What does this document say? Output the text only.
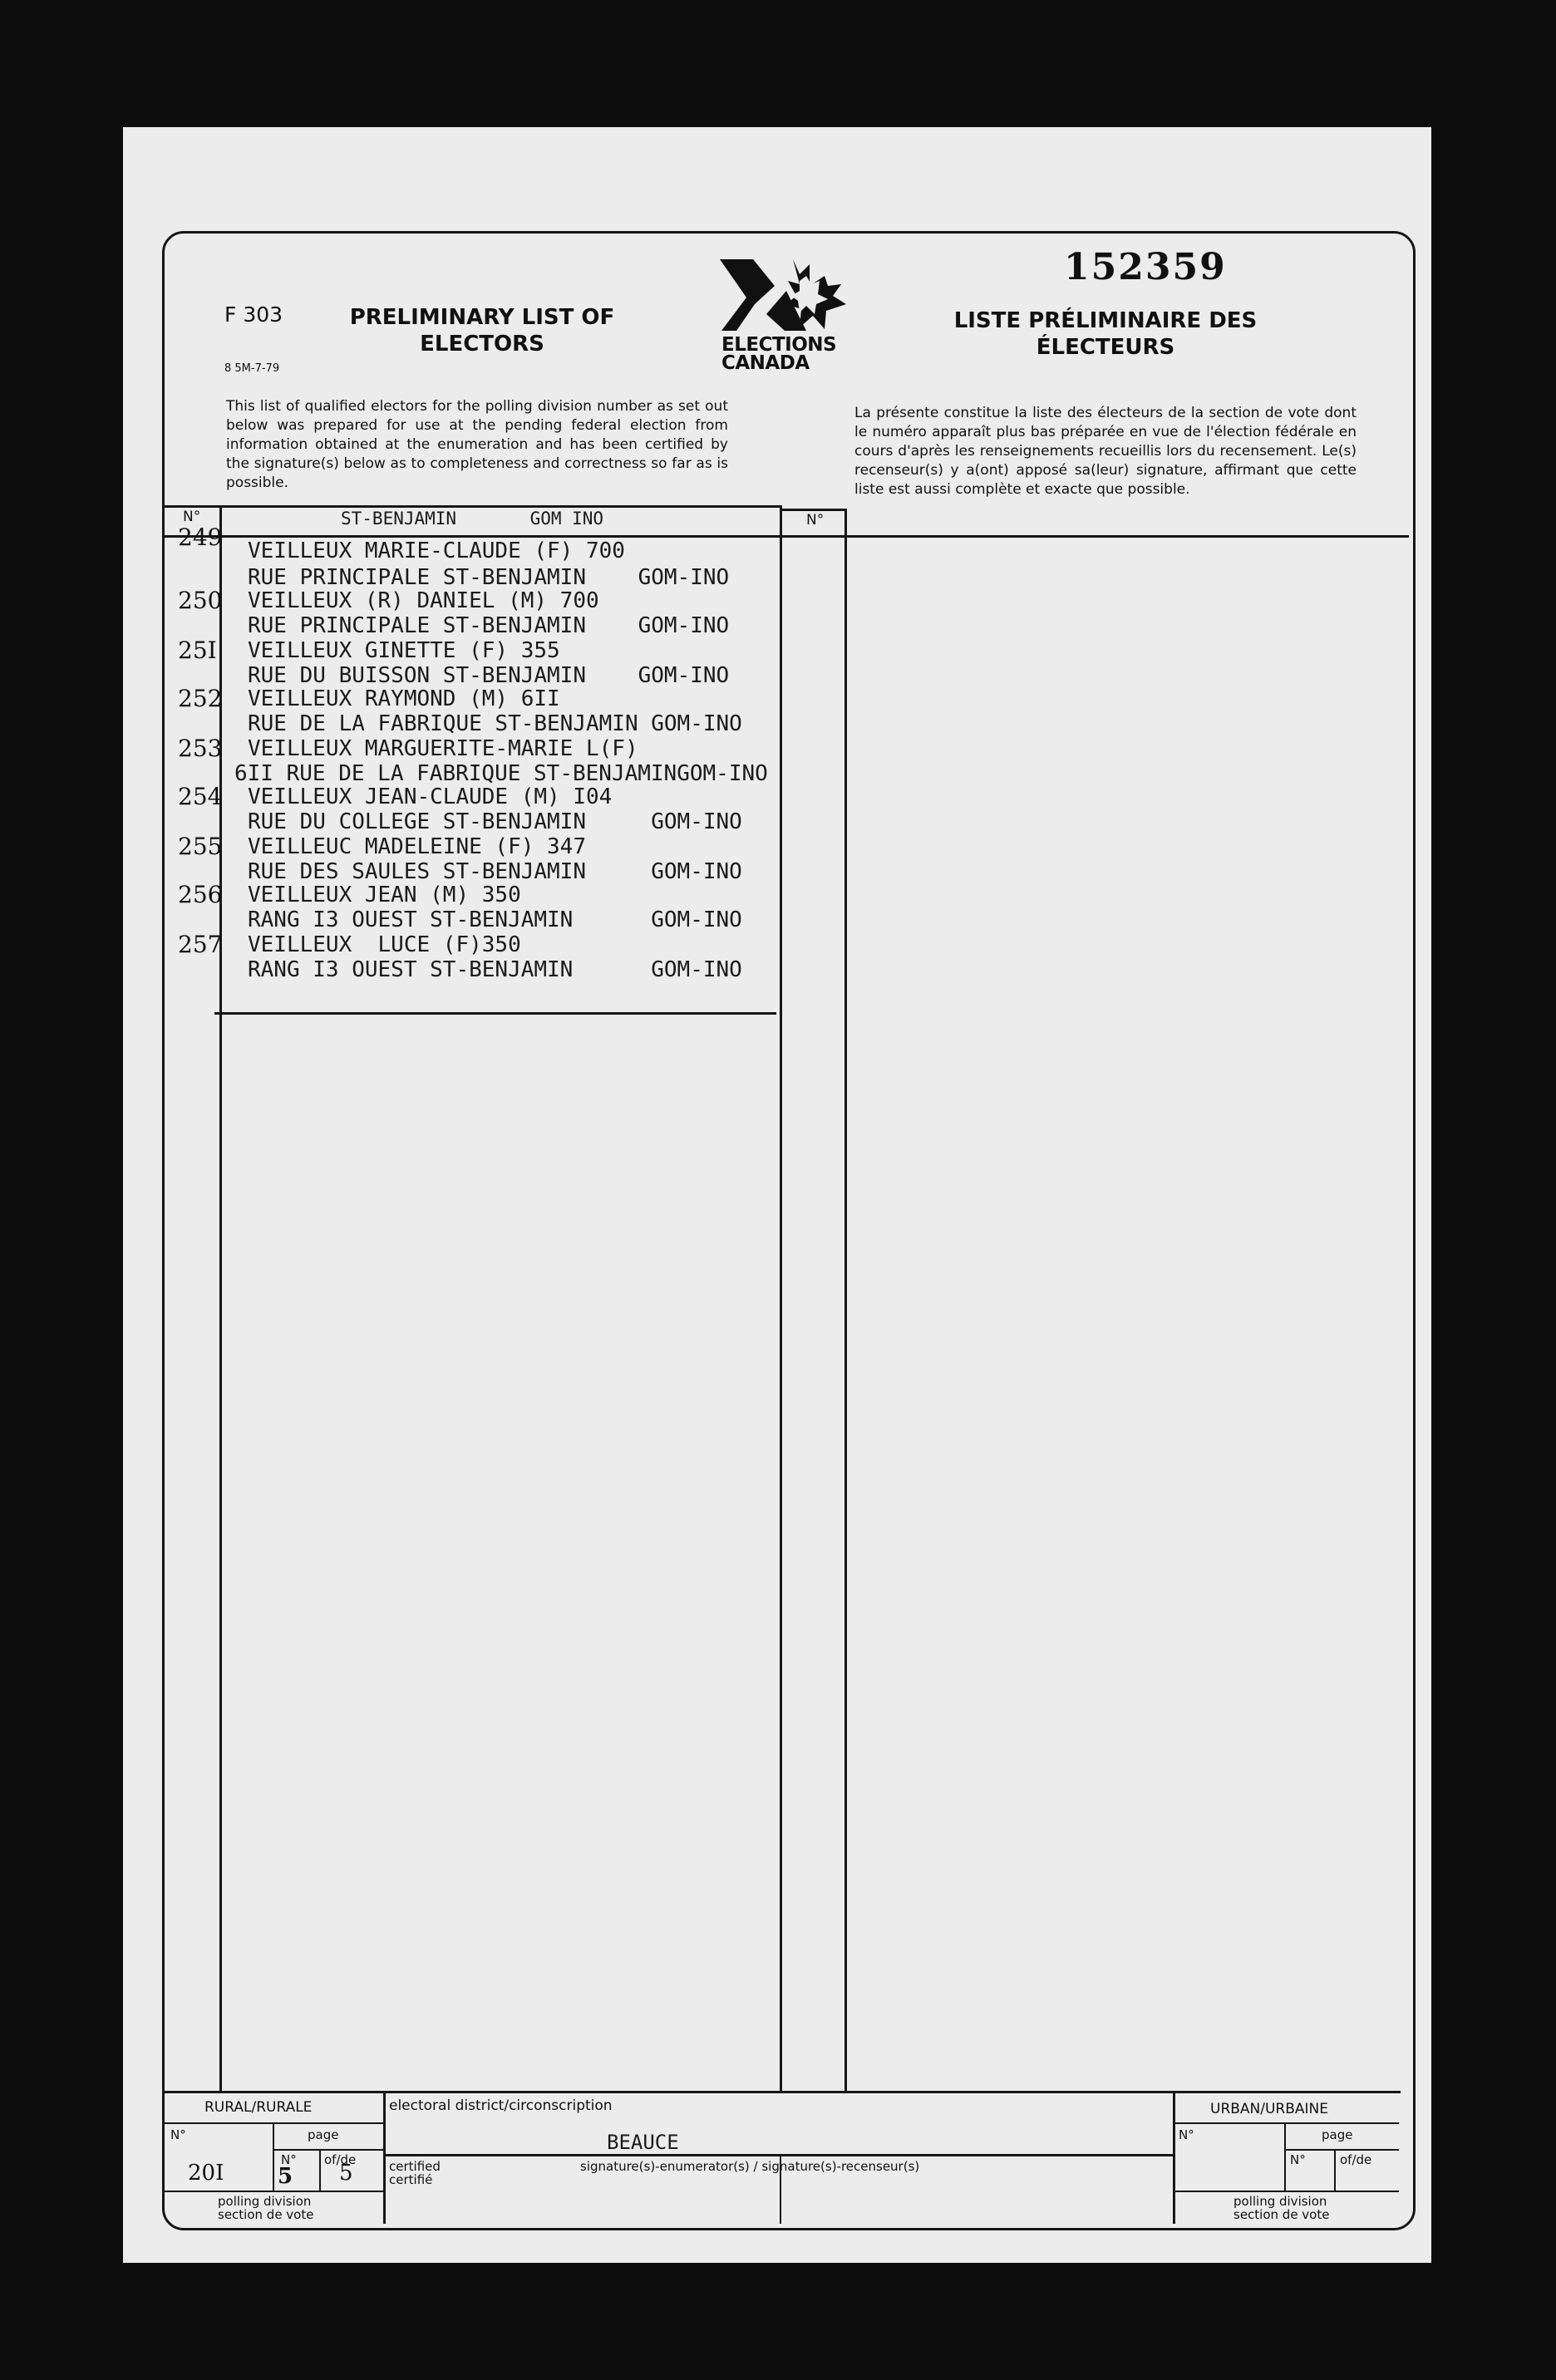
F 303
8 5M-7-79
PRELIMINARY LIST OF ELECTORS
LISTE PRÉLIMINAIRE DES ÉLECTEURS
152359
ELECTIONS
CANADA
This list of qualified electors for the polling division number as set out below was prepared for use at the pending federal election from information obtained at the enumeration and has been certified by the signature(s) below as to completeness and correctness so far as is possible.
La présente constitue la liste des électeurs de la section de vote dont le numéro apparaît plus bas préparée en vue de l'élection fédérale en cours d'après les renseignements recueillis lors du recensement. Le(s) recenseur(s) y a(ont) apposé sa(leur) signature, affirmant que cette liste est aussi complète et exacte que possible.
N°	ST-BENJAMIN       GOM INO	N°
249 VEILLEUX MARIE-CLAUDE (F) 700
RUE PRINCIPALE ST-BENJAMIN    GOM-INO
250 VEILLEUX (R) DANIEL (M) 700
RUE PRINCIPALE ST-BENJAMIN    GOM-INO
25I VEILLEUX GINETTE (F) 355
RUE DU BUISSON ST-BENJAMIN    GOM-INO
252 VEILLEUX RAYMOND (M) 6II
RUE DE LA FABRIQUE ST-BENJAMIN GOM-INO
253 VEILLEUX MARGUERITE-MARIE L(F)
6II RUE DE LA FABRIQUE ST-BENJAMINGOM-INO
254 VEILLEUX JEAN-CLAUDE (M) I04
RUE DU COLLEGE ST-BENJAMIN     GOM-INO
255 VEILLEUC MADELEINE (F) 347
RUE DES SAULES ST-BENJAMIN     GOM-INO
256 VEILLEUX JEAN (M) 350
RANG I3 OUEST ST-BENJAMIN      GOM-INO
257 VEILLEUX  LUCE (F)350
RANG I3 OUEST ST-BENJAMIN      GOM-INO
RURAL/RURALE
N°	page
N° of/de
20I 5 5
polling division
section de vote
electoral district/circonscription
BEAUCE
certified
certifié
signature(s)-enumerator(s) / signature(s)-recenseur(s)
URBAN/URBAINE
N°	page
N°	of/de
polling division
section de vote
